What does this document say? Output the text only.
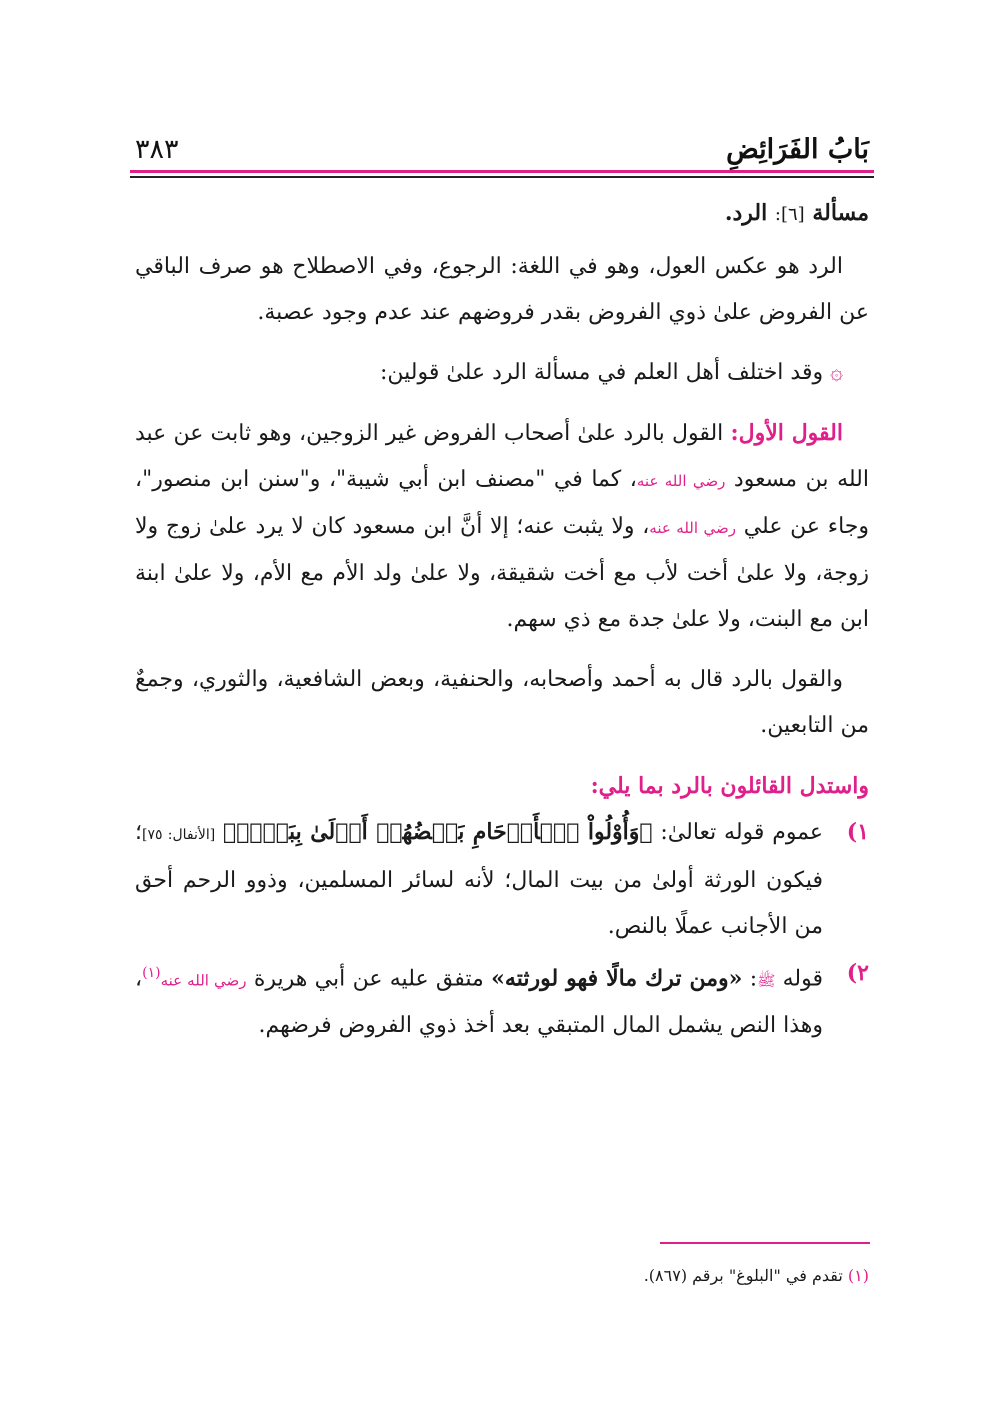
بَابُ الفَرَائِضِ
٣٨٣

مسألة [٦]: الرد.

الرد هو عكس العول، وهو في اللغة: الرجوع، وفي الاصطلاح هو صرف الباقي عن الفروض علىٰ ذوي الفروض بقدر فروضهم عند عدم وجود عصبة.

۞ وقد اختلف أهل العلم في مسألة الرد علىٰ قولين:

القول الأول: القول بالرد علىٰ أصحاب الفروض غير الزوجين، وهو ثابت عن عبد الله بن مسعود رضي الله عنه، كما في "مصنف ابن أبي شيبة"، و"سنن ابن منصور"، وجاء عن علي رضي الله عنه، ولا يثبت عنه؛ إلا أنَّ ابن مسعود كان لا يرد علىٰ زوج ولا زوجة، ولا علىٰ أخت لأب مع أخت شقيقة، ولا علىٰ ولد الأم مع الأم، ولا علىٰ ابنة ابن مع البنت، ولا علىٰ جدة مع ذي سهم.

والقول بالرد قال به أحمد وأصحابه، والحنفية، وبعض الشافعية، والثوري، وجمعٌ من التابعين.

واستدل القائلون بالرد بما يلي:

١)
عموم قوله تعالىٰ: ﴿وَأُوْلُواْ ٱلۡأَرۡحَامِ بَعۡضُهُمۡ أَوۡلَىٰ بِبَعۡضٖ﴾ [الأنفال: ٧٥]؛ فيكون الورثة أولىٰ من بيت المال؛ لأنه لسائر المسلمين، وذوو الرحم أحق من الأجانب عملًا بالنص.
٢)
قوله ﷺ: «ومن ترك مالًا فهو لورثته» متفق عليه عن أبي هريرة رضي الله عنه$^{(١)}$، وهذا النص يشمل المال المتبقي بعد أخذ ذوي الفروض فرضهم.
(١) تقدم في "البلوغ" برقم (٨٦٧).
